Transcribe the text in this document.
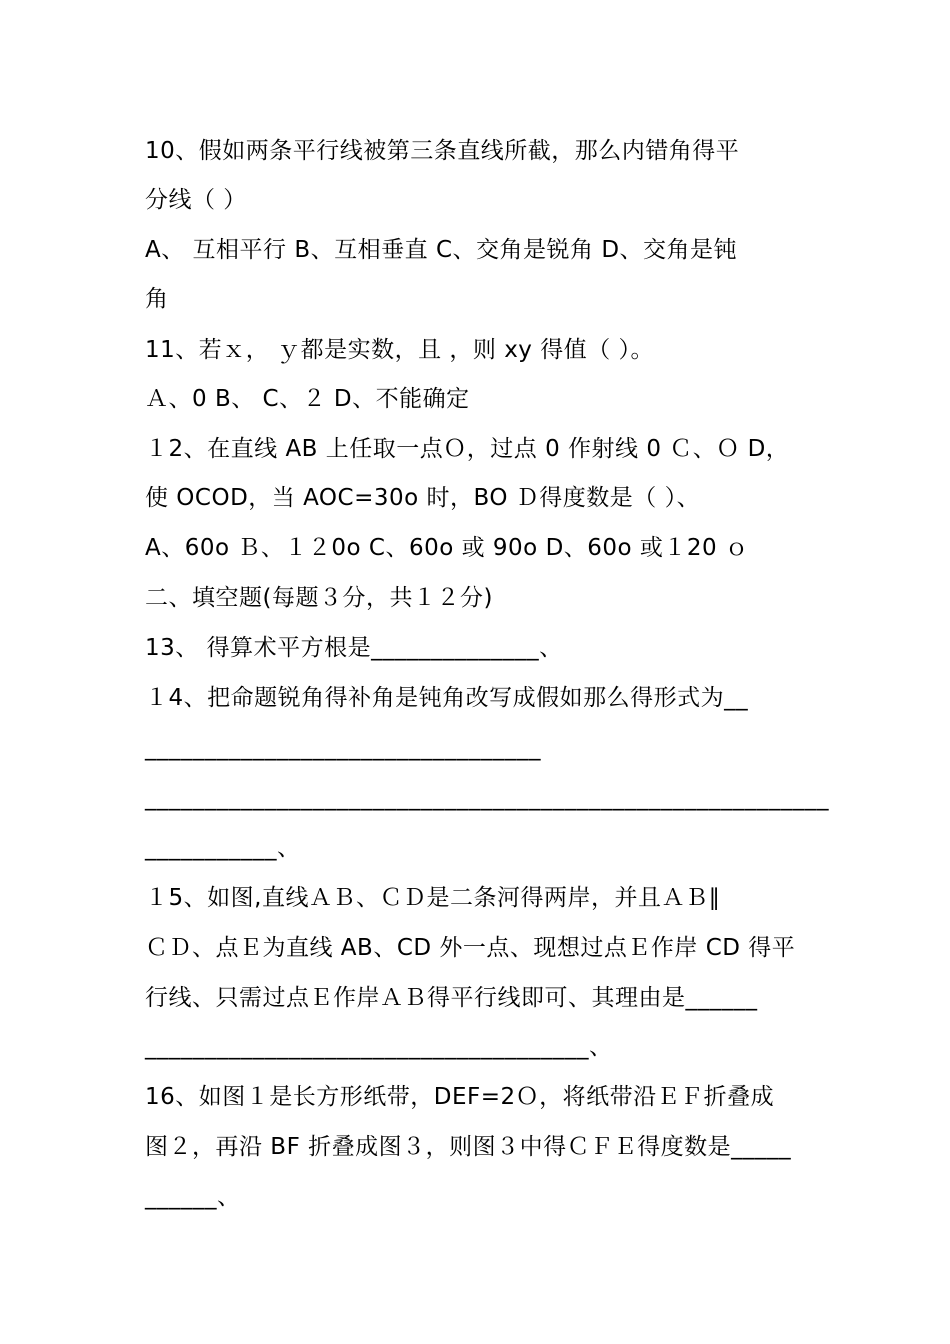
10、假如两条平行线被第三条直线所截，那么内错角得平
分线（ ）
A、 互相平行 B、互相垂直 C、交角是锐角 D、交角是钝
角
11、若ｘ， ｙ都是实数，且 ，则 xy 得值（ ）。
Ａ、0 B、 C、２ D、不能确定
１2、在直线 AB 上任取一点Ｏ，过点 0 作射线 0 Ｃ、Ｏ D，
使 OCOD，当 AOC=30o 时，BO Ｄ得度数是（ ）、
A、60o Ｂ、１２0o C、60o 或 90o D、60o 或１20 ｏ
二、填空题(每题３分，共１２分)
13、 得算术平方根是______________、
１4、把命题锐角得补角是钝角改写成假如那么得形式为__
_________________________________
_________________________________________________________
___________、
１5、如图,直线ＡＢ、ＣＤ是二条河得两岸，并且ＡＢ∥
ＣＤ、点Ｅ为直线 AB、CD 外一点、现想过点Ｅ作岸 CD 得平
行线、只需过点Ｅ作岸ＡＢ得平行线即可、其理由是______
_____________________________________、
16、如图１是长方形纸带，DEF=2Ｏ，将纸带沿ＥＦ折叠成
图２，再沿 BF 折叠成图３，则图３中得ＣＦＥ得度数是_____
______、
